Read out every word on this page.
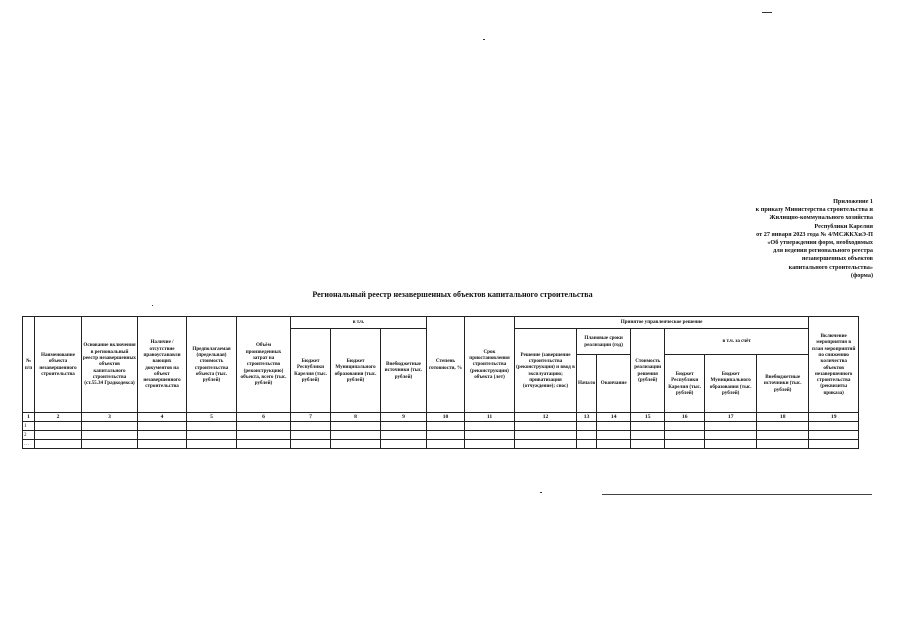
Приложение 1
к приказу Министерства строительства и
Жилищно-коммунального хозяйства
Республики Карелия
от 27 января 2023 года № 4/МСЖКХиЭ-П
«Об утверждении форм, необходимых
для ведения регионального реестра
незавершенных объектов
капитального строительства»
(форма)
Региональный реестр незавершенных объектов капитального строительства
№ п/п	Наименование объекта незавершенного строительства	Основание включения в региональный реестр незавершенных объектов капитального строительства (ст.55.34 Градкодекса)	Наличие /отсутствие правоустанавли вающих документов на объект незавершенного строительства	Предполагаемая (предельная) стоимость строительства объекта (тыс. рублей)	Объём произведенных затрат на строительство (реконструкцию) объекта, всего (тыс. рублей)	в т.ч.			Степень готовности, %	Срок приостановления строительства (реконструкции) объекта (лет)	Принятое управленческое решение							Включение мероприятия в план мероприятий по снижению количества объектов незавершенного строительства (реквизиты приказа)
						Бюджет Республики Карелия (тыс. рублей)	Бюджет Муниципального образования (тыс. рублей)	Внебюджетные источники (тыс. рублей)			Решение (завершение строительства (реконструкции) и ввод в эксплуатацию; приватизация (отчуждение); снос)	Плановые сроки реализации (год)		Стоимость реализации решения (рублей)	в т.ч. за счёт			
												Начало	Окончание		Бюджет Республики Карелия (тыс. рублей)	Бюджет Муниципального образования (тыс. рублей)	Внебюджетные источники (тыс. рублей)	
1	2	3	4	5	6	7	8	9	10	11	12	13	14	15	16	17	18	19
1																		
2																		
…																		
